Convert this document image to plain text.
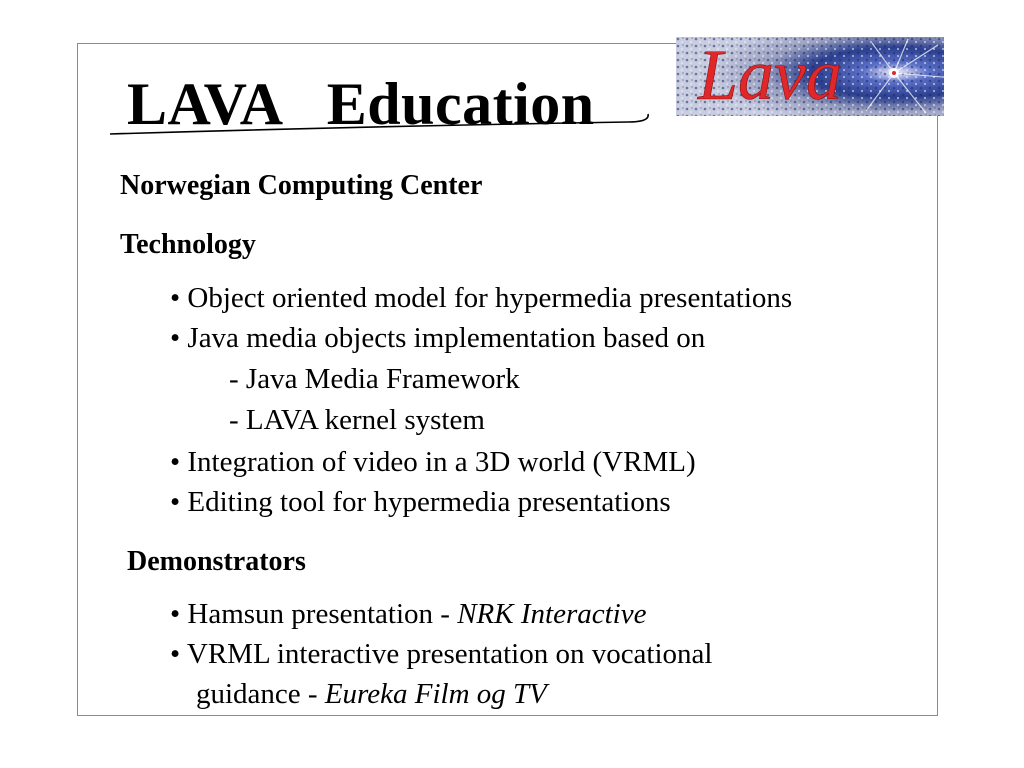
LAVA   Education Lava
Norwegian Computing Center
Technology
• Object oriented model for hypermedia presentations
• Java media objects implementation based on
- Java Media Framework
- LAVA kernel system
• Integration of video in a 3D world (VRML)
• Editing tool for hypermedia presentations
Demonstrators
• Hamsun presentation - NRK Interactive
• VRML interactive presentation on vocational
guidance - Eureka Film og TV
